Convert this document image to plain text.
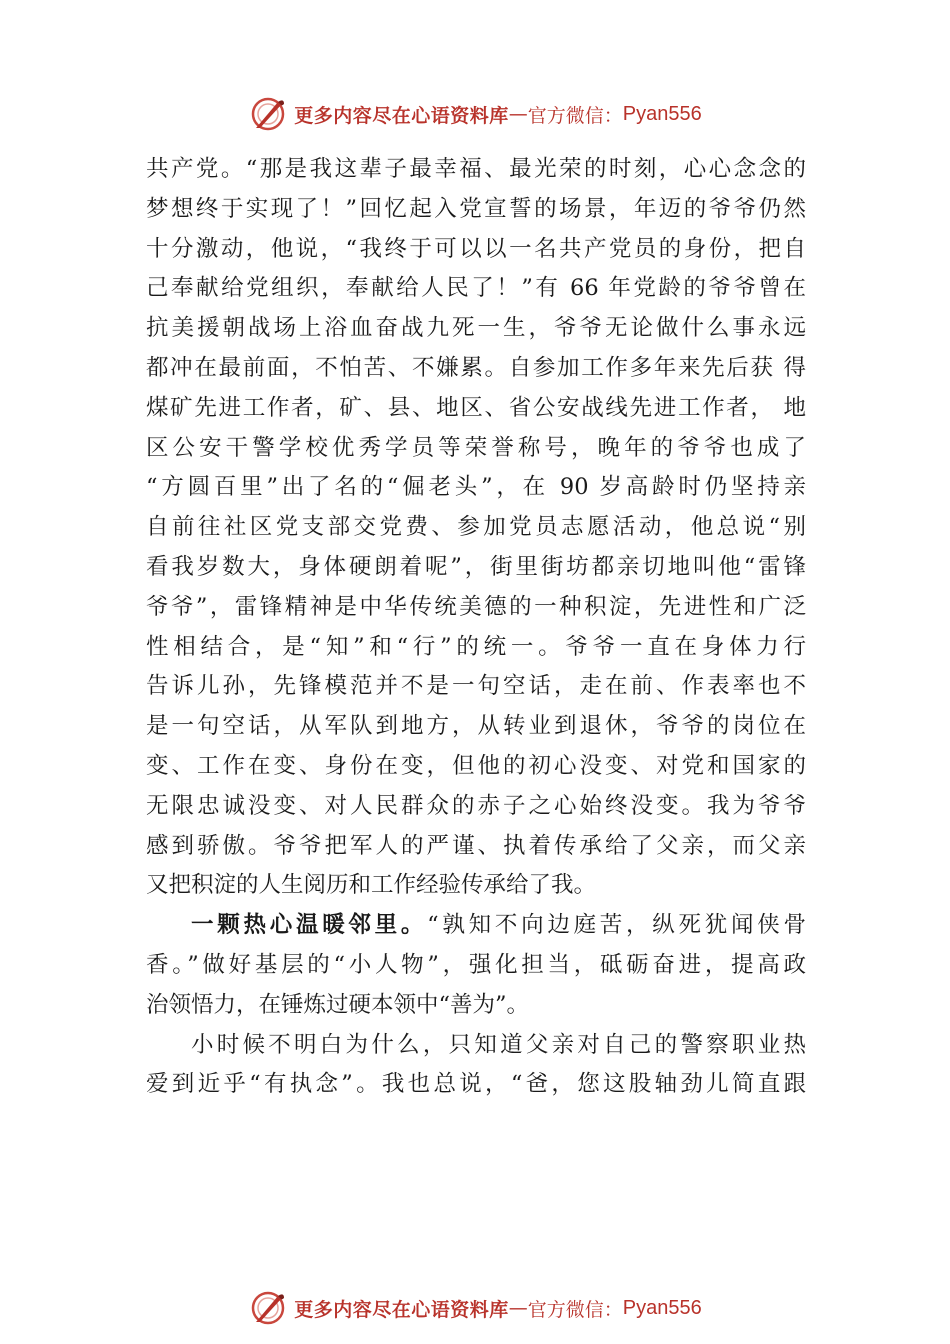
更多内容尽在心语资料库 — 官方微信： Pyan556

共产党。“那是我这辈子最幸福、最光荣的时刻，心心念念的
梦想终于实现了！”回忆起入党宣誓的场景，年迈的爷爷仍然
十分激动，他说，“我终于可以以一名共产党员的身份，把自
己奉献给党组织，奉献给人民了！”有 66 年党龄的爷爷曾在
抗美援朝战场上浴血奋战九死一生，爷爷无论做什么事永远
都冲在最前面，不怕苦、不嫌累。自参加工作多年来先后获 得
煤矿先进工作者，矿、县、地区、省公安战线先进工作者， 地
区公安干警学校优秀学员等荣誉称号，晚年的爷爷也成了
“方圆百里”出了名的“倔老头”，在 90 岁高龄时仍坚持亲
自前往社区党支部交党费、参加党员志愿活动，他总说“别
看我岁数大，身体硬朗着呢”，街里街坊都亲切地叫他“雷锋
爷爷”，雷锋精神是中华传统美德的一种积淀，先进性和广泛
性相结合，是“知”和“行”的统一。爷爷一直在身体力行
告诉儿孙，先锋模范并不是一句空话，走在前、作表率也不
是一句空话，从军队到地方，从转业到退休，爷爷的岗位在
变、工作在变、身份在变，但他的初心没变、对党和国家的
无限忠诚没变、对人民群众的赤子之心始终没变。我为爷爷
感到骄傲。爷爷把军人的严谨、执着传承给了父亲，而父亲
又把积淀的人生阅历和工作经验传承给了我。

一颗热心温暖邻里。“孰知不向边庭苦，纵死犹闻侠骨
香。”做好基层的“小人物”，强化担当，砥砺奋进，提高政
治领悟力，在锤炼过硬本领中“善为”。

小时候不明白为什么，只知道父亲对自己的警察职业热
爱到近乎“有执念”。我也总说，“爸，您这股轴劲儿简直跟

更多内容尽在心语资料库 — 官方微信： Pyan556
